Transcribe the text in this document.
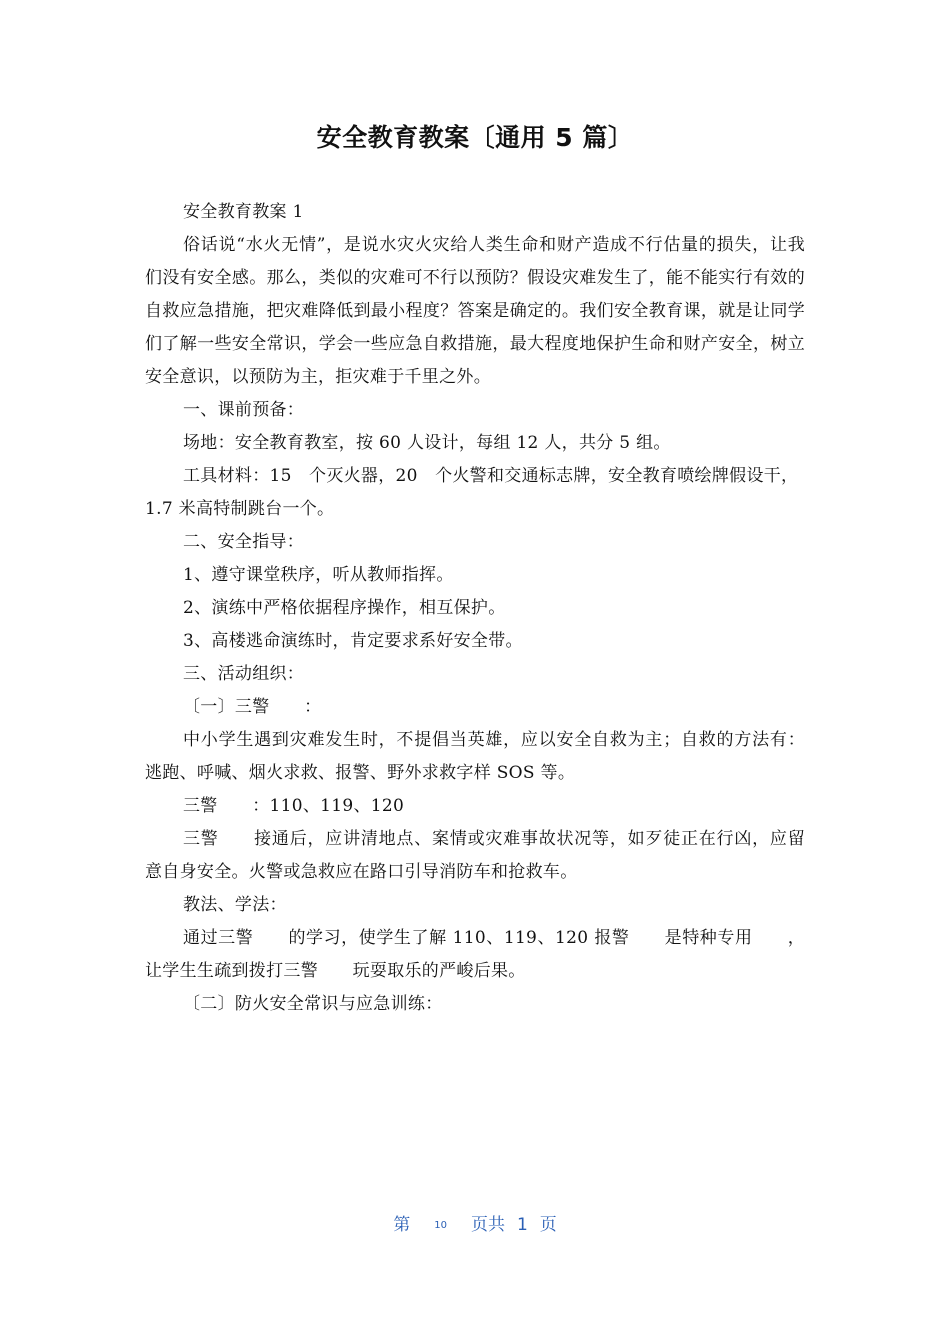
安全教育教案〔通用 5 篇〕

安全教育教案 1

俗话说“水火无情”，是说水灾火灾给人类生命和财产造成不行估量的损失，让我们没有安全感。那么，类似的灾难可不行以预防？假设灾难发生了，能不能实行有效的自救应急措施，把灾难降低到最小程度？答案是确定的。我们安全教育课，就是让同学们了解一些安全常识，学会一些应急自救措施，最大程度地保护生命和财产安全，树立安全意识，以预防为主，拒灾难于千里之外。

一、课前预备：

场地：安全教育教室，按 60 人设计，每组 12 人，共分 5 组。

工具材料：15　个灭火器，20　个火警和交通标志牌，安全教育喷绘牌假设干，

1.7 米高特制跳台一个。

二、安全指导：

1、遵守课堂秩序，听从教师指挥。

2、演练中严格依据程序操作，相互保护。

3、高楼逃命演练时，肯定要求系好安全带。

三、活动组织：

〔一〕三警　　：

中小学生遇到灾难发生时，不提倡当英雄，应以安全自救为主；自救的方法有：逃跑、呼喊、烟火求救、报警、野外求救字样 SOS 等。

三警　　：110、119、120

三警　　接通后，应讲清地点、案情或灾难事故状况等，如歹徒正在行凶，应留意自身安全。火警或急救应在路口引导消防车和抢救车。

教法、学法：

通过三警　　的学习，使学生了解 110、119、120 报警　　是特种专用　　，让学生生疏到拨打三警　　玩耍取乐的严峻后果。

〔二〕防火安全常识与应急训练：

第 10 页共 1 页
